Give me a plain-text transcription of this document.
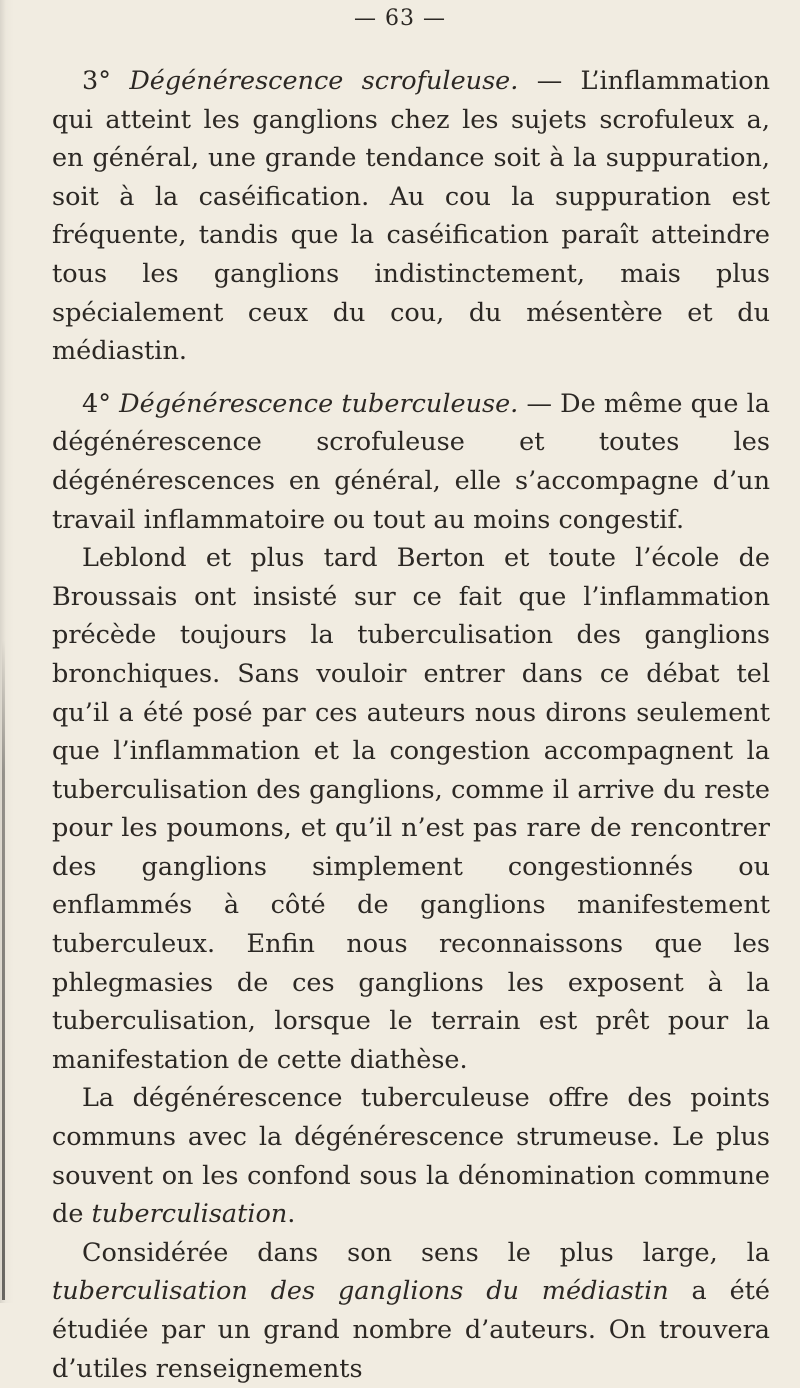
— 63 —

3° Dégénérescence scrofuleuse. — L’inflammation qui atteint les ganglions chez les sujets scrofuleux a, en général, une grande tendance soit à la suppuration, soit à la caséification. Au cou la suppuration est fréquente, tandis que la caséification paraît atteindre tous les ganglions indistinctement, mais plus spécialement ceux du cou, du mésentère et du médiastin.

4° Dégénérescence tuberculeuse. — De même que la dégénérescence scrofuleuse et toutes les dégénérescences en général, elle s’accompagne d’un travail inflammatoire ou tout au moins congestif.

Leblond et plus tard Berton et toute l’école de Broussais ont insisté sur ce fait que l’inflammation précède toujours la tuberculisation des ganglions bronchiques. Sans vouloir entrer dans ce débat tel qu’il a été posé par ces auteurs nous dirons seulement que l’inflammation et la congestion accompagnent la tuberculisation des ganglions, comme il arrive du reste pour les poumons, et qu’il n’est pas rare de rencontrer des ganglions simplement congestionnés ou enflammés à côté de ganglions manifestement tuberculeux. Enfin nous reconnaissons que les phlegmasies de ces ganglions les exposent à la tuberculisation, lorsque le terrain est prêt pour la manifestation de cette diathèse.

La dégénérescence tuberculeuse offre des points communs avec la dégénérescence strumeuse. Le plus souvent on les confond sous la dénomination commune de tuberculisation.

Considérée dans son sens le plus large, la tuberculisation des ganglions du médiastin a été étudiée par un grand nombre d’auteurs. On trouvera d’utiles renseignements
